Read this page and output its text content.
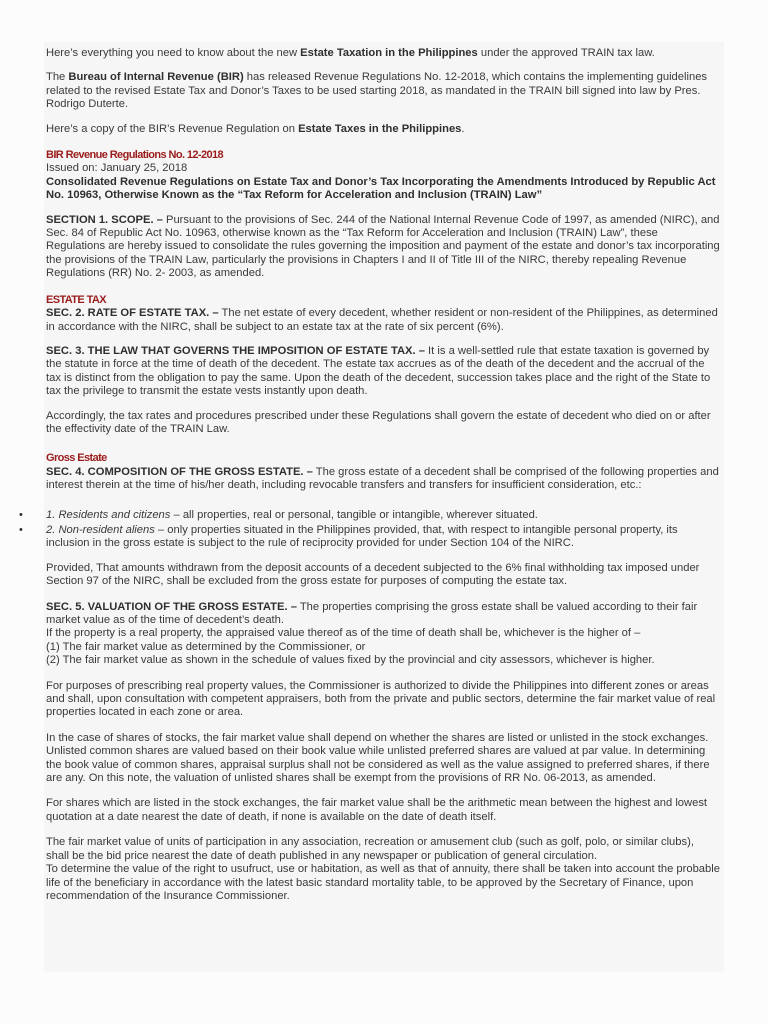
Here’s everything you need to know about the new Estate Taxation in the Philippines under the approved TRAIN tax law.

The Bureau of Internal Revenue (BIR) has released Revenue Regulations No. 12-2018, which contains the implementing guidelines related to the revised Estate Tax and Donor’s Taxes to be used starting 2018, as mandated in the TRAIN bill signed into law by Pres. Rodrigo Duterte.

Here’s a copy of the BIR’s Revenue Regulation on Estate Taxes in the Philippines.

BIR Revenue Regulations No. 12-2018
Issued on: January 25, 2018

Consolidated Revenue Regulations on Estate Tax and Donor’s Tax Incorporating the Amendments Introduced by Republic Act No. 10963, Otherwise Known as the “Tax Reform for Acceleration and Inclusion (TRAIN) Law”

SECTION 1. SCOPE. – Pursuant to the provisions of Sec. 244 of the National Internal Revenue Code of 1997, as amended (NIRC), and Sec. 84 of Republic Act No. 10963, otherwise known as the “Tax Reform for Acceleration and Inclusion (TRAIN) Law”, these Regulations are hereby issued to consolidate the rules governing the imposition and payment of the estate and donor’s tax incorporating the provisions of the TRAIN Law, particularly the provisions in Chapters I and II of Title III of the NIRC, thereby repealing Revenue Regulations (RR) No. 2- 2003, as amended.

ESTATE TAX

SEC. 2. RATE OF ESTATE TAX. – The net estate of every decedent, whether resident or non-resident of the Philippines, as determined in accordance with the NIRC, shall be subject to an estate tax at the rate of six percent (6%).

SEC. 3. THE LAW THAT GOVERNS THE IMPOSITION OF ESTATE TAX. – It is a well-settled rule that estate taxation is governed by the statute in force at the time of death of the decedent. The estate tax accrues as of the death of the decedent and the accrual of the tax is distinct from the obligation to pay the same. Upon the death of the decedent, succession takes place and the right of the State to tax the privilege to transmit the estate vests instantly upon death.

Accordingly, the tax rates and procedures prescribed under these Regulations shall govern the estate of decedent who died on or after the effectivity date of the TRAIN Law.

Gross Estate

SEC. 4. COMPOSITION OF THE GROSS ESTATE. – The gross estate of a decedent shall be comprised of the following properties and interest therein at the time of his/her death, including revocable transfers and transfers for insufficient consideration, etc.:

• 1. Residents and citizens – all properties, real or personal, tangible or intangible, wherever situated.
• 2. Non-resident aliens – only properties situated in the Philippines provided, that, with respect to intangible personal property, its inclusion in the gross estate is subject to the rule of reciprocity provided for under Section 104 of the NIRC.

Provided, That amounts withdrawn from the deposit accounts of a decedent subjected to the 6% final withholding tax imposed under Section 97 of the NIRC, shall be excluded from the gross estate for purposes of computing the estate tax.

SEC. 5. VALUATION OF THE GROSS ESTATE. – The properties comprising the gross estate shall be valued according to their fair market value as of the time of decedent’s death.

If the property is a real property, the appraised value thereof as of the time of death shall be, whichever is the higher of –
(1) The fair market value as determined by the Commissioner, or

(2) The fair market value as shown in the schedule of values fixed by the provincial and city assessors, whichever is higher.

For purposes of prescribing real property values, the Commissioner is authorized to divide the Philippines into different zones or areas and shall, upon consultation with competent appraisers, both from the private and public sectors, determine the fair market value of real properties located in each zone or area.

In the case of shares of stocks, the fair market value shall depend on whether the shares are listed or unlisted in the stock exchanges. Unlisted common shares are valued based on their book value while unlisted preferred shares are valued at par value. In determining the book value of common shares, appraisal surplus shall not be considered as well as the value assigned to preferred shares, if there are any. On this note, the valuation of unlisted shares shall be exempt from the provisions of RR No. 06-2013, as amended.

For shares which are listed in the stock exchanges, the fair market value shall be the arithmetic mean between the highest and lowest quotation at a date nearest the date of death, if none is available on the date of death itself.

The fair market value of units of participation in any association, recreation or amusement club (such as golf, polo, or similar clubs), shall be the bid price nearest the date of death published in any newspaper or publication of general circulation.
To determine the value of the right to usufruct, use or habitation, as well as that of annuity, there shall be taken into account the probable life of the beneficiary in accordance with the latest basic standard mortality table, to be approved by the Secretary of Finance, upon recommendation of the Insurance Commissioner.
